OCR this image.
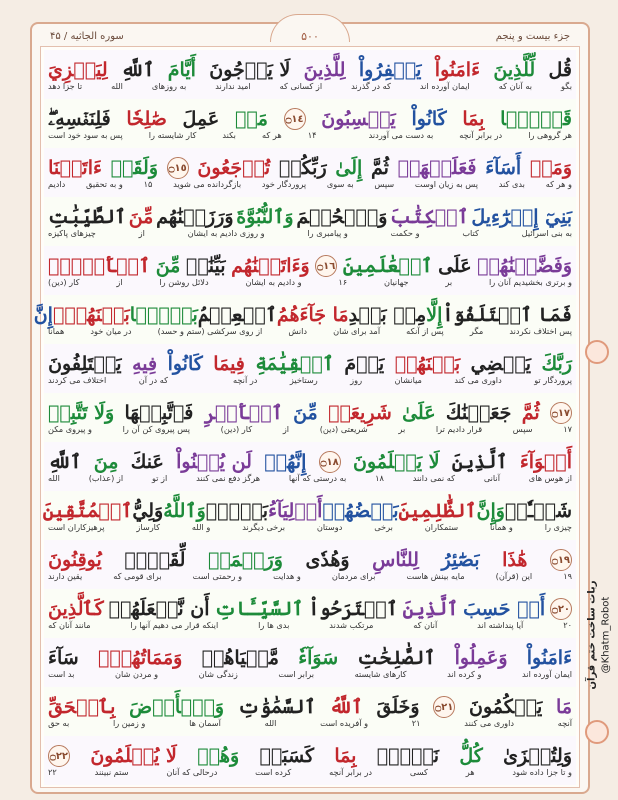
جزء بیست و پنجم
۵۰۰
سوره الجاثیه / ۴۵
قُل
لِّلَّذِينَ
ءَامَنُواْ
يَغۡفِرُواْ
لِلَّذِينَ
لَا يَرۡجُونَ
أَيَّامَ
ٱللَّهِ
لِيَجۡزِيَ
بگو
به آنان که
ایمان آورده اند
که در گذرند
از کسانی که
امید ندارند
به روزهای
الله
تا جزا دهد
قَوۡمَۢا
بِمَا
كَانُواْ
يَكۡسِبُونَ
۝١٤
مَنۡ
عَمِلَ
صَٰلِحٗا
فَلِنَفۡسِهِۦۖ
هر گروهی را
در برابر آنچه
به دست می آوردند
۱۴
هر که
بکند
کار شایسته را
پس به سود خود است
وَمَنۡ
أَسَآءَ
فَعَلَيۡهَاۖ
ثُمَّ
إِلَىٰ
رَبِّكُمۡ
تُرۡجَعُونَ
۝١٥
وَلَقَدۡ
ءَاتَيۡنَا
و هر که
بدی کند
پس به زیان اوست
سپس
به سوی
پروردگار خود
بازگردانده می شوید
۱۵
و به تحقیق
دادیم
بَنِيٓ إِسۡرَٰٓءِيلَ
ٱلۡكِتَٰبَ
وَٱلۡحُكۡمَ
وَٱلنُّبُوَّةَ
وَرَزَقۡنَٰهُم
مِّنَ
ٱلطَّيِّبَٰتِ
به بنی اسرائیل
کتاب
و حکمت
و پیامبری را
و روزی دادیم به ایشان
از
چیزهای پاکیزه
وَفَضَّلۡنَٰهُمۡ
عَلَى
ٱلۡعَٰلَمِينَ
۝١٦
وَءَاتَيۡنَٰهُم
بَيِّنَٰتٖ
مِّنَ
ٱلۡأَمۡرِۖ
و برتری بخشیدیم آنان را
بر
جهانیان
۱۶
و دادیم به ایشان
دلائل روشن را
از
کار (دین)
فَمَا ٱخۡتَلَفُوٓاْ
إِلَّا
مِنۢ بَعۡدِ
مَا جَآءَهُمُ
ٱلۡعِلۡمُ
بَغۡيَۢا
بَيۡنَهُمۡۚ
إِنَّ
پس اختلاف نکردند
مگر
پس از آنکه
آمد برای شان
دانش
از روی سرکشی (ستم و حسد)
در میان خود
همانا
رَبَّكَ
يَقۡضِي
بَيۡنَهُمۡ
يَوۡمَ
ٱلۡقِيَٰمَةِ
فِيمَا
كَانُواْ
فِيهِ
يَخۡتَلِفُونَ
پروردگار تو
داوری می کند
میانشان
روز
رستاخیز
در آنچه
که در آن
اختلاف می کردند
۝١٧
ثُمَّ
جَعَلۡنَٰكَ
عَلَىٰ
شَرِيعَةٖ
مِّنَ
ٱلۡأَمۡرِ
فَٱتَّبِعۡهَا
وَلَا تَتَّبِعۡ
۱۷
سپس
قرار دادیم ترا
بر
شریعتی (دین)
از
کار (دین)
پس پیروی کن آن را
و پیروی مکن
أَهۡوَآءَ
ٱلَّذِينَ
لَا يَعۡلَمُونَ
۝١٨
إِنَّهُمۡ
لَن يُغۡنُواْ
عَنكَ
مِنَ
ٱللَّهِ
از هوس های
آنانی
که نمی دانند
۱۸
به درستی که آنها
هرگز دفع نمی کنند
از تو
از (عذاب)
الله
شَيۡـٔٗاۚ
وَإِنَّ
ٱلظَّٰلِمِينَ
بَعۡضُهُمۡ
أَوۡلِيَآءُ
بَعۡضٖۖ
وَٱللَّهُ
وَلِيُّ
ٱلۡمُتَّقِينَ
چیزی را
و همانا
ستمکاران
برخی
دوستان
برخی دیگرند
و الله
کارساز
پرهیزکاران است
۝١٩
هَٰذَا
بَصَٰٓئِرُ
لِلنَّاسِ
وَهُدٗى
وَرَحۡمَةٞ
لِّقَوۡمٖ
يُوقِنُونَ
۱۹
این (قرآن)
مایه بینش هاست
برای مردمان
و هدایت
و رحمتی است
برای قومی که
یقین دارند
۝٢٠
أَمۡ حَسِبَ
ٱلَّذِينَ
ٱجۡتَرَحُواْ
ٱلسَّيِّـَٔاتِ
أَن نَّجۡعَلَهُمۡ
كَٱلَّذِينَ
۲۰
آیا پنداشته اند
آنان که
مرتکب شدند
بدی ها را
اینکه قرار می دهیم آنها را
مانند آنان که
ءَامَنُواْ
وَعَمِلُواْ
ٱلصَّٰلِحَٰتِ
سَوَآءٗ
مَّحۡيَاهُمۡ
وَمَمَاتُهُمۡۚ
سَآءَ
ایمان آورده اند
و کرده اند
کارهای شایسته
برابر است
زندگی شان
و مردن شان
بد است
مَا
يَحۡكُمُونَ
۝٢١
وَخَلَقَ
ٱللَّهُ
ٱلسَّمَٰوَٰتِ
وَٱلۡأَرۡضَ
بِٱلۡحَقِّ
آنچه
داوری می کنند
۲۱
و آفریده است
الله
آسمان ها
و زمین را
به حق
وَلِتُجۡزَىٰ
كُلُّ
نَفۡسِۢ
بِمَا
كَسَبَتۡ
وَهُمۡ
لَا يُظۡلَمُونَ
۝٢٢
و تا جزا داده شود
هر
کسی
در برابر آنچه
کرده است
درحالی که آنان
ستم نبینند
۲۲
ربات ساخت ختم قرآن @Khatm_Robot
